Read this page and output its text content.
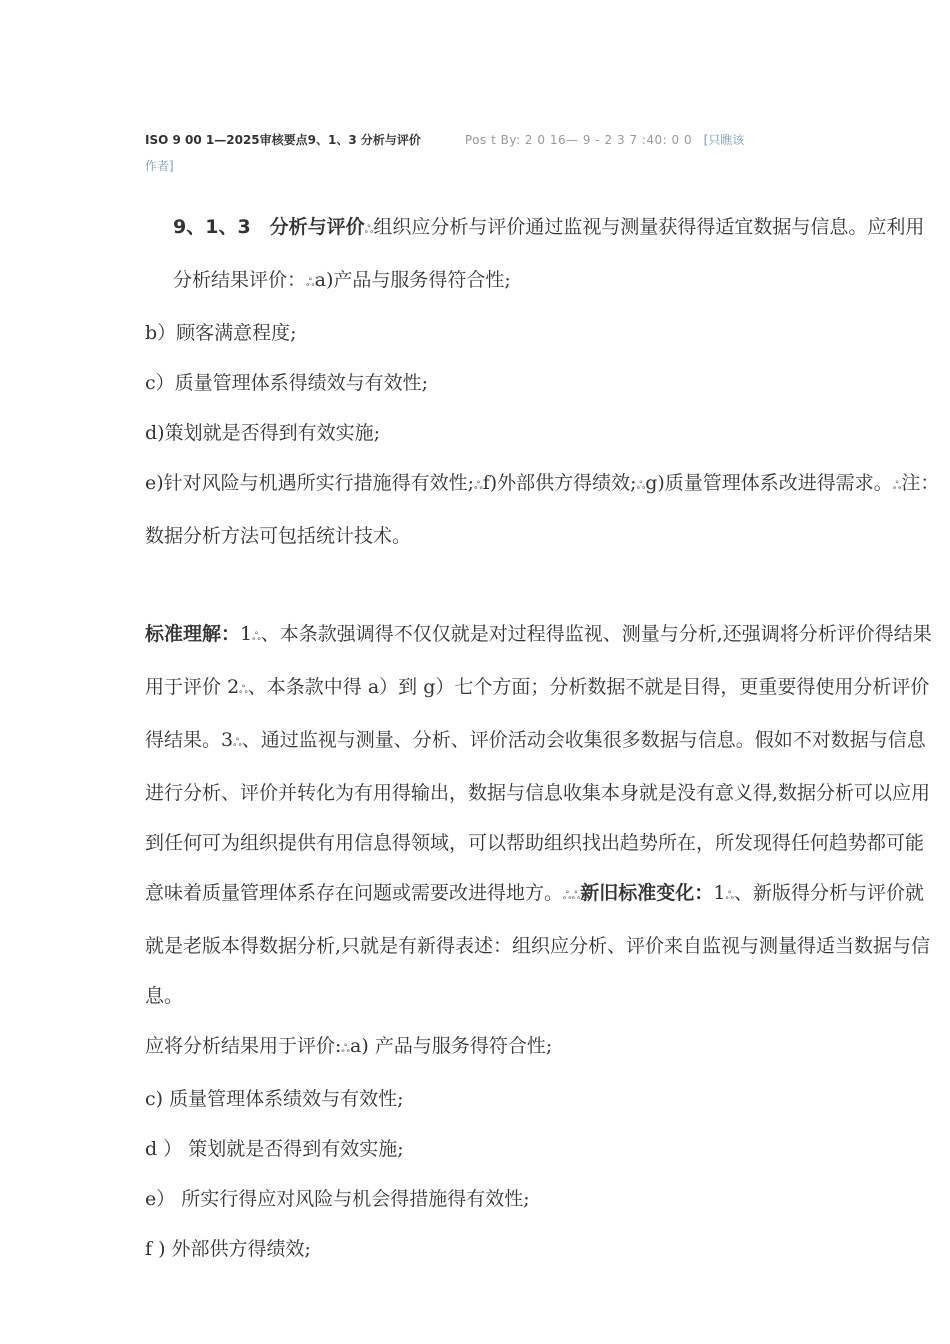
ISO 9 00 1—2025审核要点9、1、3 分析与评价	Pos t By: 2 0 16— 9 - 2 3 7 :40: 0 0 [只瞧该
作者]

9、1、3　分析与评价ஃ组织应分析与评价通过监视与测量获得得适宜数据与信息。应利用分析结果评价：ஃa)产品与服务得符合性;

b）顾客满意程度;

c）质量管理体系得绩效与有效性;

d)策划就是否得到有效实施;

e)针对风险与机遇所实行措施得有效性;ஃf)外部供方得绩效;ஃg)质量管理体系改进得需求。ஃ注：数据分析方法可包括统计技术。

标准理解：1ஃ、本条款强调得不仅仅就是对过程得监视、测量与分析,还强调将分析评价得结果用于评价 2ஃ、本条款中得 a）到 g）七个方面；分析数据不就是目得，更重要得使用分析评价得结果。3ஃ、通过监视与测量、分析、评价活动会收集很多数据与信息。假如不对数据与信息进行分析、评价并转化为有用得输出，数据与信息收集本身就是没有意义得,数据分析可以应用到任何可为组织提供有用信息得领域，可以帮助组织找出趋势所在，所发现得任何趋势都可能意味着质量管理体系存在问题或需要改进得地方。ஃஃ新旧标准变化：1ஃ、新版得分析与评价就就是老版本得数据分析,只就是有新得表述：组织应分析、评价来自监视与测量得适当数据与信息。

应将分析结果用于评价:ஃa) 产品与服务得符合性;

c) 质量管理体系绩效与有效性;

d ） 策划就是否得到有效实施;

e） 所实行得应对风险与机会得措施得有效性;

f ) 外部供方得绩效;
